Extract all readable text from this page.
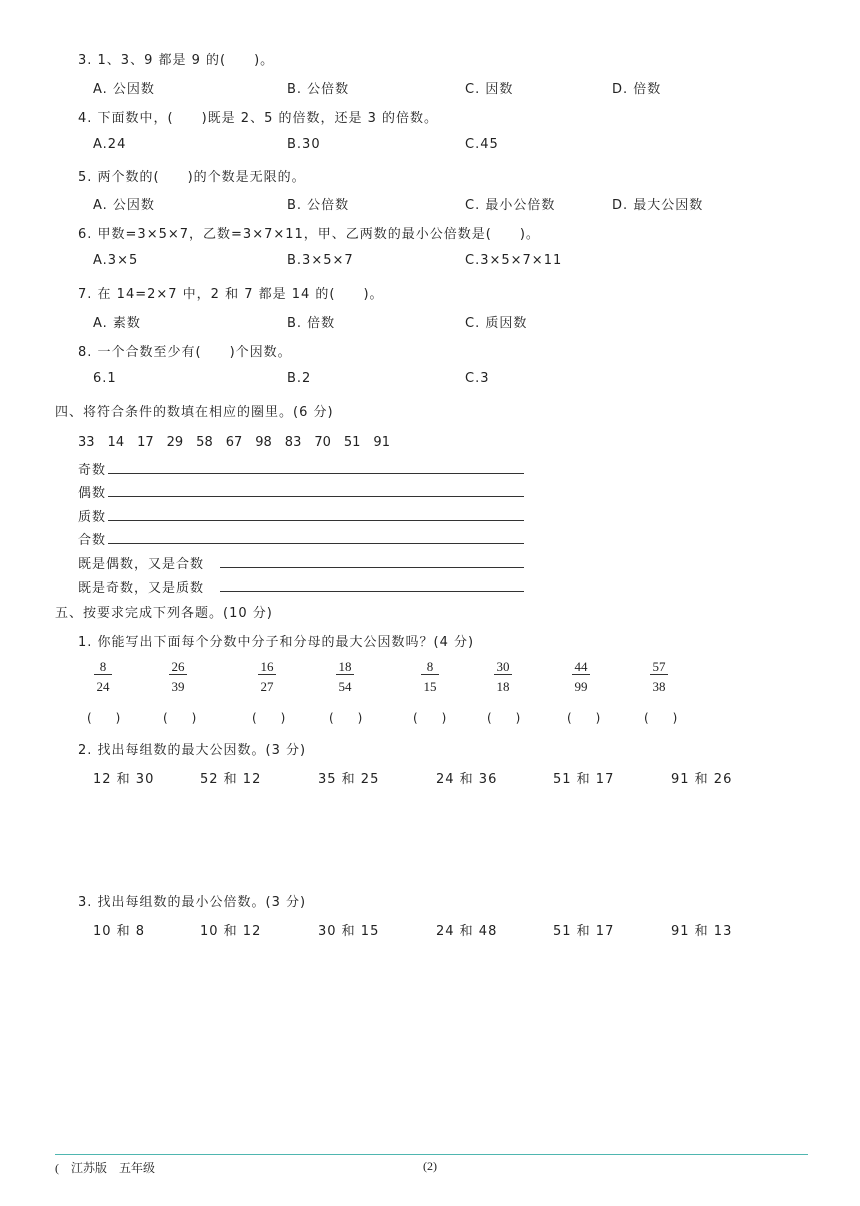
3. 1、3、9 都是 9 的(　　)。
A. 公因数	B. 公倍数	C. 因数	D. 倍数
4. 下面数中，(　　)既是 2、5 的倍数，还是 3 的倍数。
A.24	B.30	C.45
5. 两个数的(　　)的个数是无限的。
A. 公因数	B. 公倍数	C. 最小公倍数	D. 最大公因数
6. 甲数=3×5×7，乙数=3×7×11，甲、乙两数的最小公倍数是(　　)。
A.3×5	B.3×5×7	C.3×5×7×11
7. 在 14=2×7 中，2 和 7 都是 14 的(　　)。
A. 素数	B. 倍数	C. 质因数
8. 一个合数至少有(　　)个因数。
6.1	B.2	C.3
四、将符合条件的数填在相应的圈里。(6 分)
33　14　17　29　58　67　98　83　70　51　91
奇数
偶数
质数
合数
既是偶数，又是合数
既是奇数，又是质数
五、按要求完成下列各题。(10 分)
1. 你能写出下面每个分数中分子和分母的最大公因数吗？(4 分)
$\frac{8}{24}$	$\frac{26}{39}$	$\frac{16}{27}$	$\frac{18}{54}$	$\frac{8}{15}$	$\frac{30}{18}$	$\frac{44}{99}$	$\frac{57}{38}$
(　　)	(　　)	(　　)	(　　)	(　　)	(　　)	(　　)	(　　)
2. 找出每组数的最大公因数。(3 分)
12 和 30	52 和 12	35 和 25	24 和 36	51 和 17	91 和 26
3. 找出每组数的最小公倍数。(3 分)
10 和 8	10 和 12	30 和 15	24 和 48	51 和 17	91 和 13
(　江苏版　五年级	(2)
